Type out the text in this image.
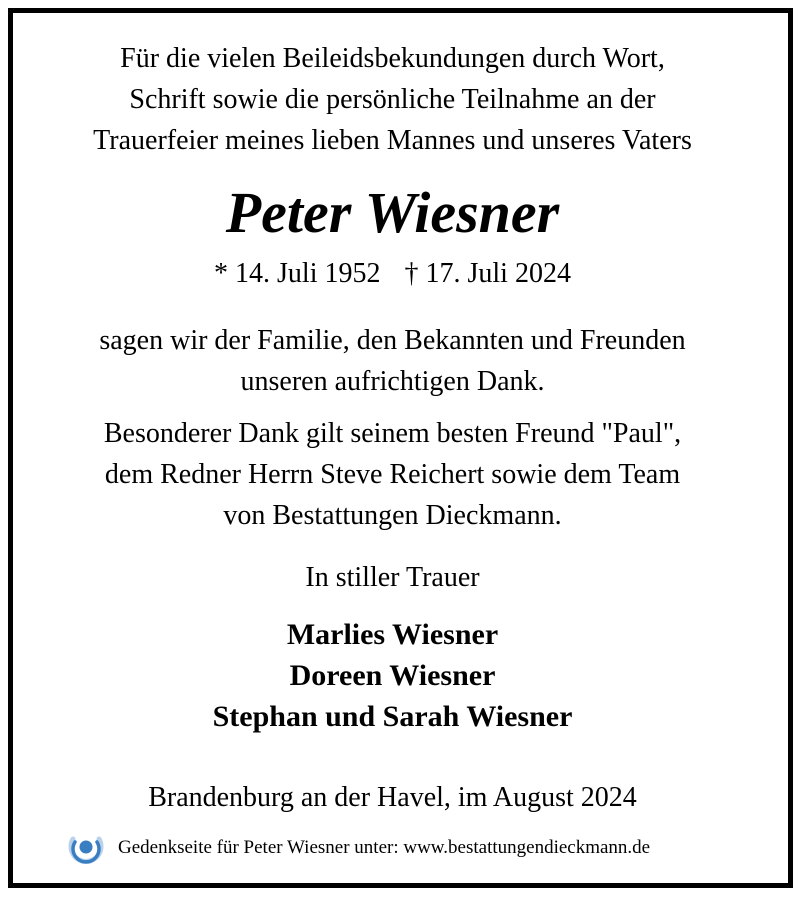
Für die vielen Beileidsbekundungen durch Wort,
Schrift sowie die persönliche Teilnahme an der
Trauerfeier meines lieben Mannes und unseres Vaters
Peter Wiesner
* 14. Juli 1952 † 17. Juli 2024
sagen wir der Familie, den Bekannten und Freunden
unseren aufrichtigen Dank.
Besonderer Dank gilt seinem besten Freund "Paul",
dem Redner Herrn Steve Reichert sowie dem Team
von Bestattungen Dieckmann.
In stiller Trauer
Marlies Wiesner
Doreen Wiesner
Stephan und Sarah Wiesner
Brandenburg an der Havel, im August 2024
Gedenkseite für Peter Wiesner unter: www.bestattungendieckmann.de
